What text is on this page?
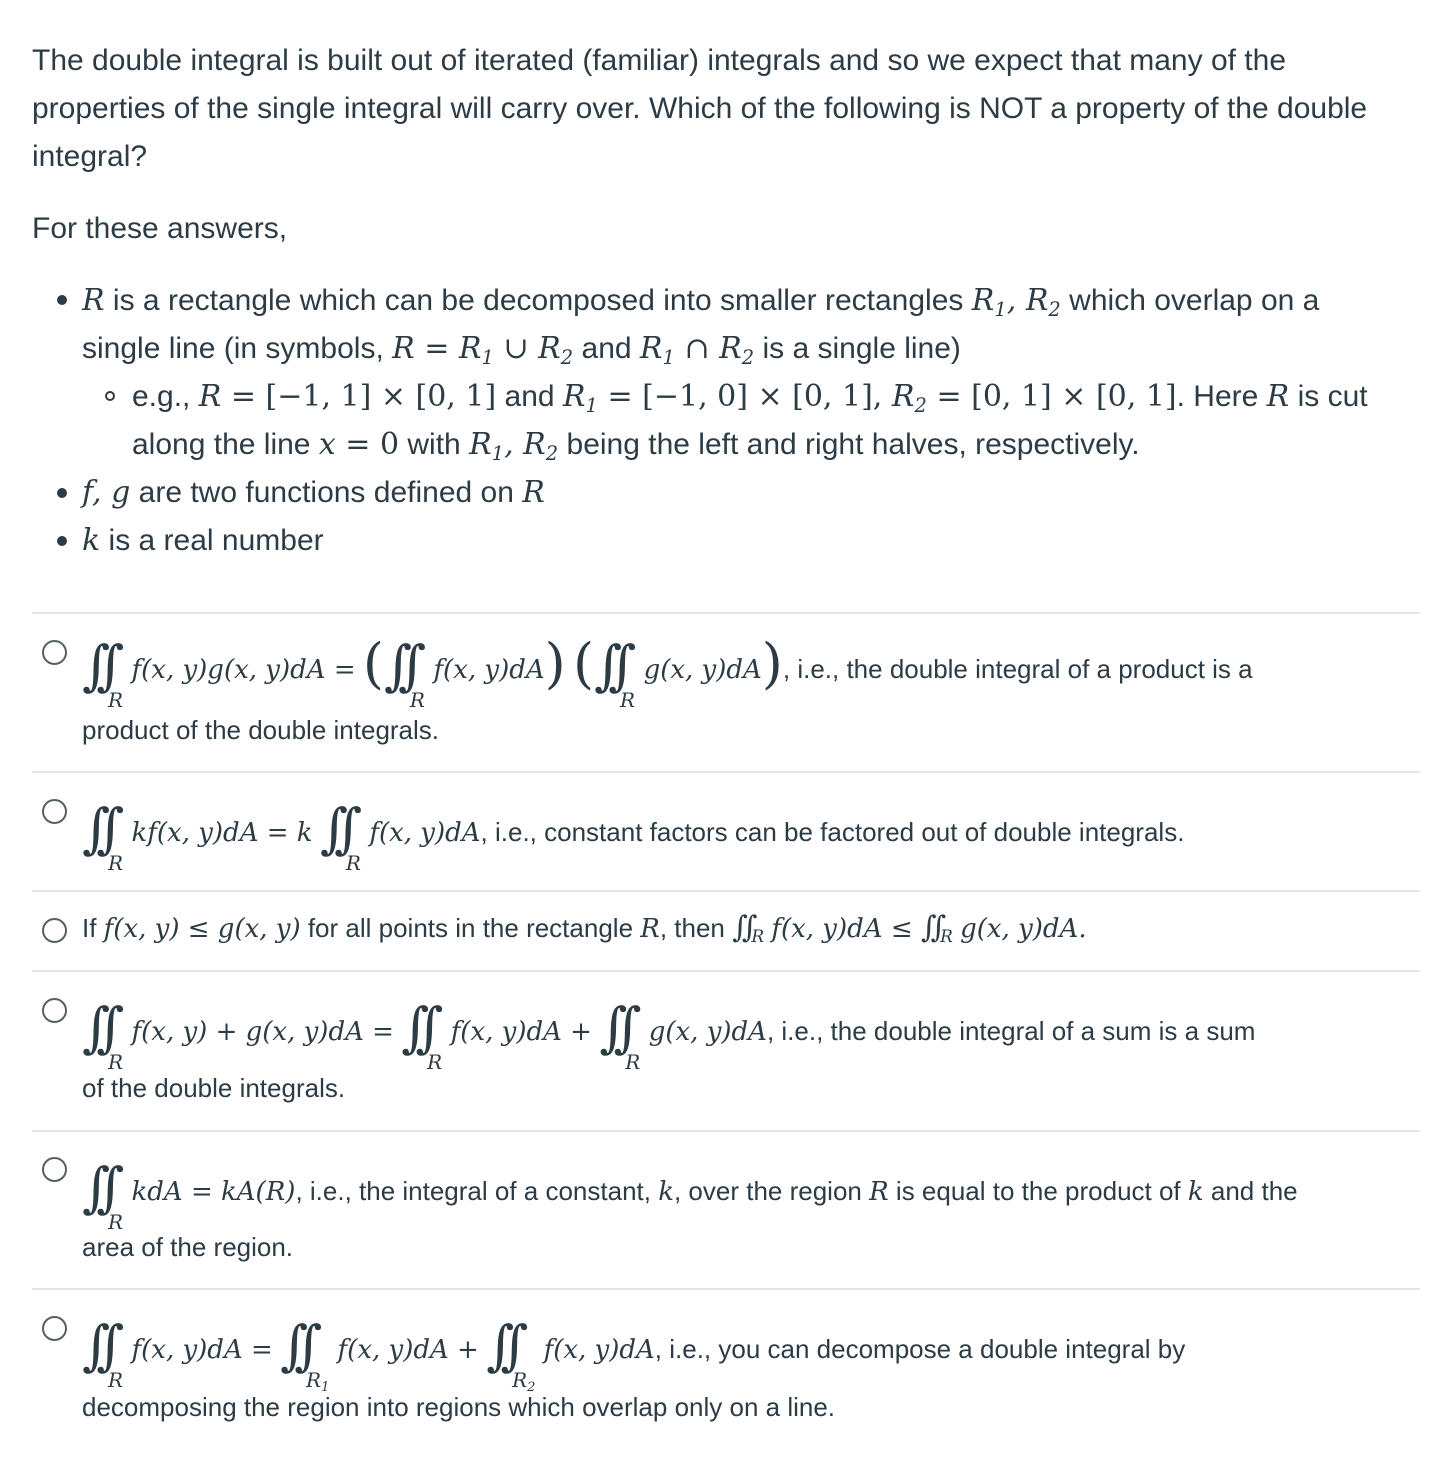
The double integral is built out of iterated (familiar) integrals and so we expect that many of the properties of the single integral will carry over. Which of the following is NOT a property of the double integral?

For these answers,

R is a rectangle which can be decomposed into smaller rectangles $R_1$, $R_2$ which overlap on a
single line (in symbols, $R = R_1$ ∪ $R_2$ and $R_1$ ∩ $R_2$ is a single line)
e.g., R = [−1, 1] × [0, 1] and $R_1 = [-1$, 0] × [0, 1], $R_2 = [0$, 1] × [0, 1]. Here R is cut
along the line x = 0 with $R_1$, $R_2$ being the left and right halves, respectively.
f, g are two functions defined on R
k is a real number
∫∫
R
f(x, y)g(x, y)dA = (∫∫
R
f(x, y)dA) (∫∫
R
g(x, y)dA), i.e., the double integral of a product is a
product of the double integrals.
∫∫
R
kf(x, y)dA = k ∫∫
R
f(x, y)dA, i.e., constant factors can be factored out of double integrals.
If f(x, y) ≤ g(x, y) for all points in the rectangle R, then $\int\int_R$ f(x, $y)dA \le \int\int_R$ g(x, y)dA.
∫∫
R
f(x, y) + g(x, y)dA = ∫∫
R
f(x, y)dA + ∫∫
R
g(x, y)dA, i.e., the double integral of a sum is a sum
of the double integrals.
∫∫
R
kdA = kA(R), i.e., the integral of a constant, k, over the region R is equal to the product of k and the
area of the region.
∫∫
R
f(x, y)dA = ∫∫
$R_1$
f(x, y)dA + ∫∫
$R_2$
f(x, y)dA, i.e., you can decompose a double integral by
decomposing the region into regions which overlap only on a line.
